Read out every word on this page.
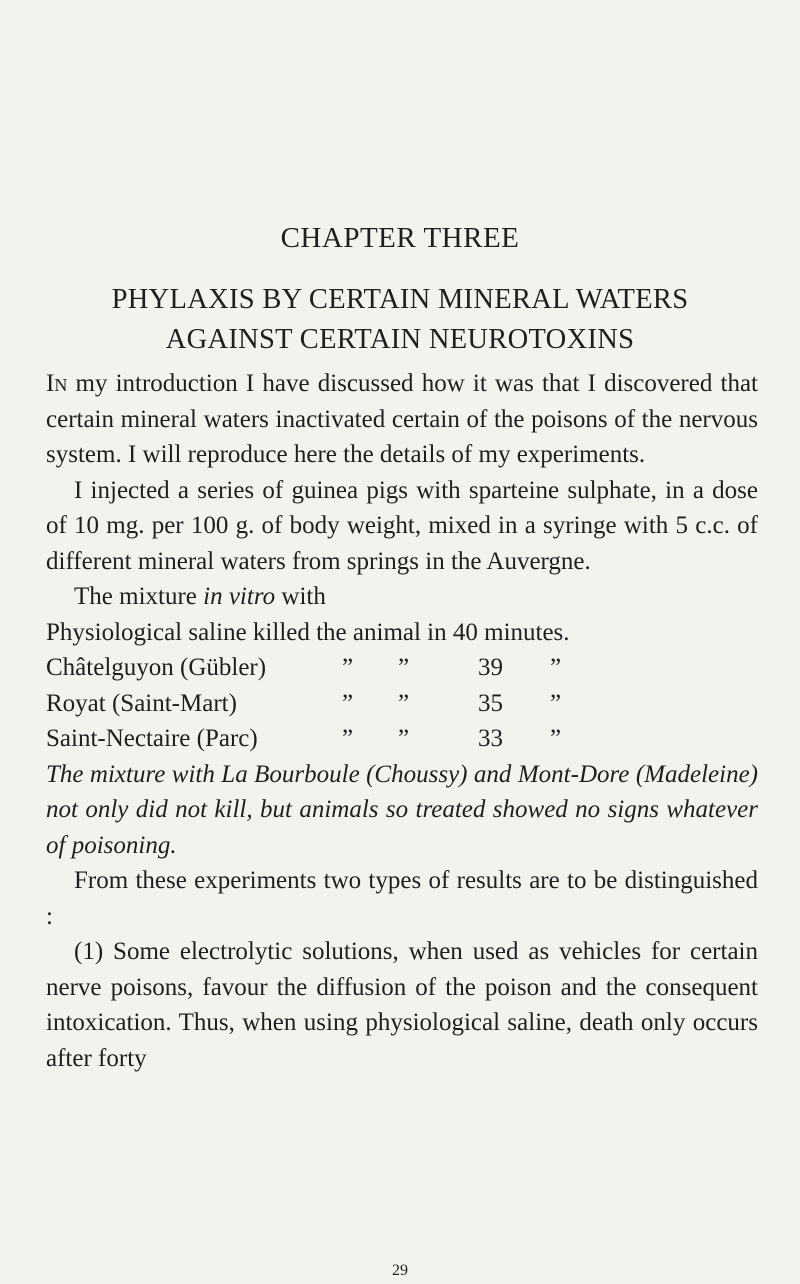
CHAPTER THREE
PHYLAXIS BY CERTAIN MINERAL WATERS
AGAINST CERTAIN NEUROTOXINS

In my introduction I have discussed how it was that I discovered that certain mineral waters inactivated certain of the poisons of the nervous system. I will reproduce here the details of my experiments.

I injected a series of guinea pigs with sparteine sulphate, in a dose of 10 mg. per 100 g. of body weight, mixed in a syringe with 5 c.c. of different mineral waters from springs in the Auvergne.

The mixture in vitro with

Physiological saline killed the animal in 40 minutes.
Châtelguyon (Gübler)	”	”	39	”
Royat (Saint-Mart)	”	”	35	”
Saint-Nectaire (Parc)	”	”	33	”

The mixture with La Bourboule (Choussy) and Mont-Dore (Madeleine) not only did not kill, but animals so treated showed no signs whatever of poisoning.

From these experiments two types of results are to be distinguished :

(1) Some electrolytic solutions, when used as vehicles for certain nerve poisons, favour the diffusion of the poison and the consequent intoxication. Thus, when using physiological saline, death only occurs after forty

29
